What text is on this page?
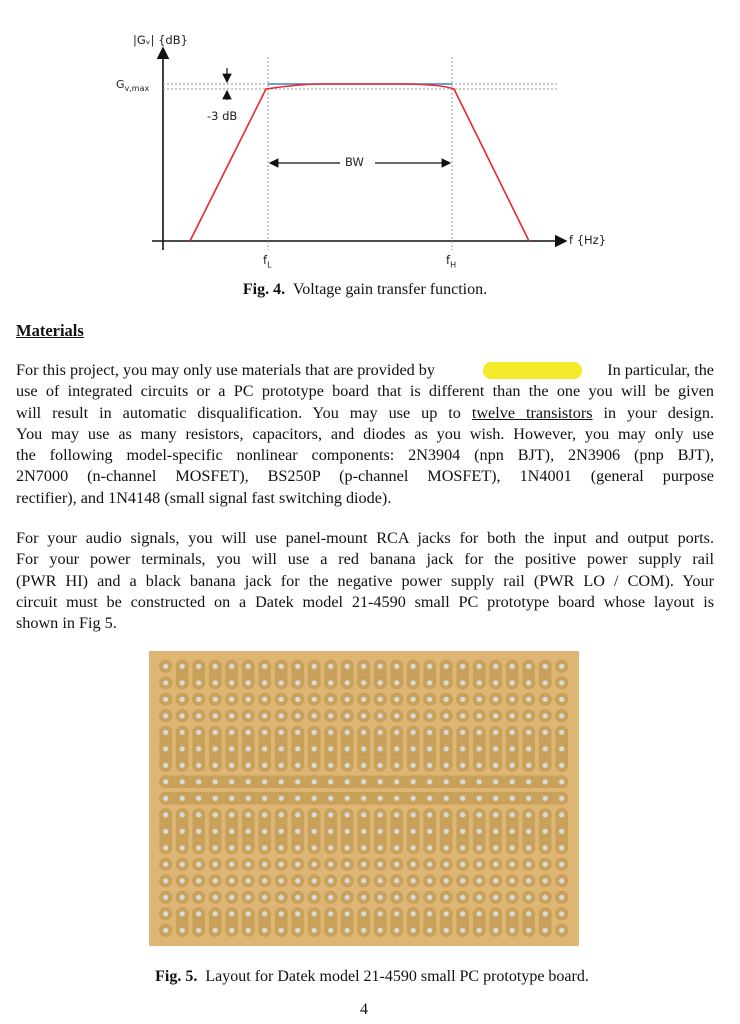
|Gᵥ| {dB}
$G_{v,max}$
-3 dB
BW
f {Hz}
$f_L$	$f_H$
Fig. 4. Voltage gain transfer function.
Materials
For this project, you may only use materials that are provided by	In particular, the
use of integrated circuits or a PC prototype board that is different than the one you will be given
will result in automatic disqualification. You may use up to twelve transistors in your design.
You may use as many resistors, capacitors, and diodes as you wish. However, you may only use
the following model-specific nonlinear components: 2N3904 (npn BJT), 2N3906 (pnp BJT),
2N7000 (n-channel MOSFET), BS250P (p-channel MOSFET), 1N4001 (general purpose
rectifier), and 1N4148 (small signal fast switching diode).
For your audio signals, you will use panel-mount RCA jacks for both the input and output ports.
For your power terminals, you will use a red banana jack for the positive power supply rail
(PWR HI) and a black banana jack for the negative power supply rail (PWR LO / COM). Your
circuit must be constructed on a Datek model 21-4590 small PC prototype board whose layout is
shown in Fig 5.
Fig. 5. Layout for Datek model 21-4590 small PC prototype board.
4
